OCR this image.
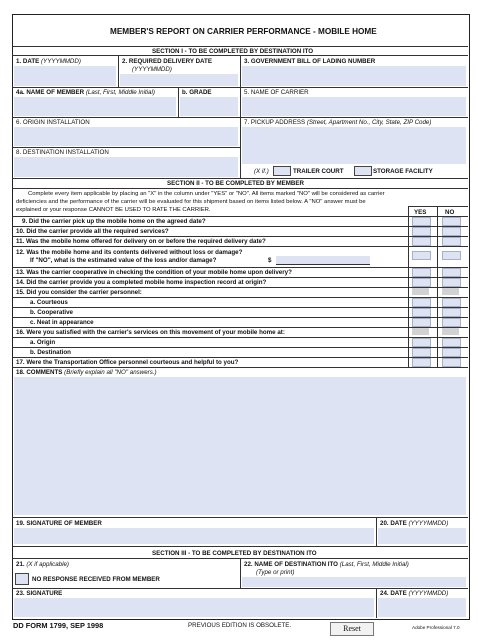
MEMBER'S REPORT ON CARRIER PERFORMANCE - MOBILE HOME
SECTION I - TO BE COMPLETED BY DESTINATION ITO
1. DATE (YYYYMMDD)	2. REQUIRED DELIVERY DATE
(YYYYMMDD)
3. GOVERNMENT BILL OF LADING NUMBER
4a. NAME OF MEMBER (Last, First, Middle Initial)	b. GRADE	5. NAME OF CARRIER
6. ORIGIN INSTALLATION	7. PICKUP ADDRESS (Street, Apartment No., City, State, ZIP Code)
8. DESTINATION INSTALLATION
(X if.)	TRAILER COURT	STORAGE FACILITY
SECTION II - TO BE COMPLETED BY MEMBER
Complete every item applicable by placing an "X" in the column under "YES" or "NO". All items marked "NO" will be considered as carrier
deficiencies and the performance of the carrier will be evaluated for this shipment based on items listed below. A "NO" answer must be
explained or your response CANNOT BE USED TO RATE THE CARRIER.	YES	NO
9. Did the carrier pick up the mobile home on the agreed date?
10. Did the carrier provide all the required services?
11. Was the mobile home offered for delivery on or before the required delivery date?
12. Was the mobile home and its contents delivered without loss or damage?
If "NO", what is the estimated value of the loss and/or damage?	$
13. Was the carrier cooperative in checking the condition of your mobile home upon delivery?
14. Did the carrier provide you a completed mobile home inspection record at origin?
15. Did you consider the carrier personnel:
a. Courteous
b. Cooperative
c. Neat in appearance
16. Were you satisfied with the carrier's services on this movement of your mobile home at:
a. Origin
b. Destination
17. Were the Transportation Office personnel courteous and helpful to you?
18. COMMENTS (Briefly explain all "NO" answers.)
19. SIGNATURE OF MEMBER	20. DATE (YYYYMMDD)
SECTION III - TO BE COMPLETED BY DESTINATION ITO
21. (X if applicable)
NO RESPONSE RECEIVED FROM MEMBER
22. NAME OF DESTINATION ITO (Last, First, Middle Initial)
(Type or print)
23. SIGNATURE	24. DATE (YYYYMMDD)
DD FORM 1799, SEP 1998	PREVIOUS EDITION IS OBSOLETE.	Reset	Adobe Professional 7.0
